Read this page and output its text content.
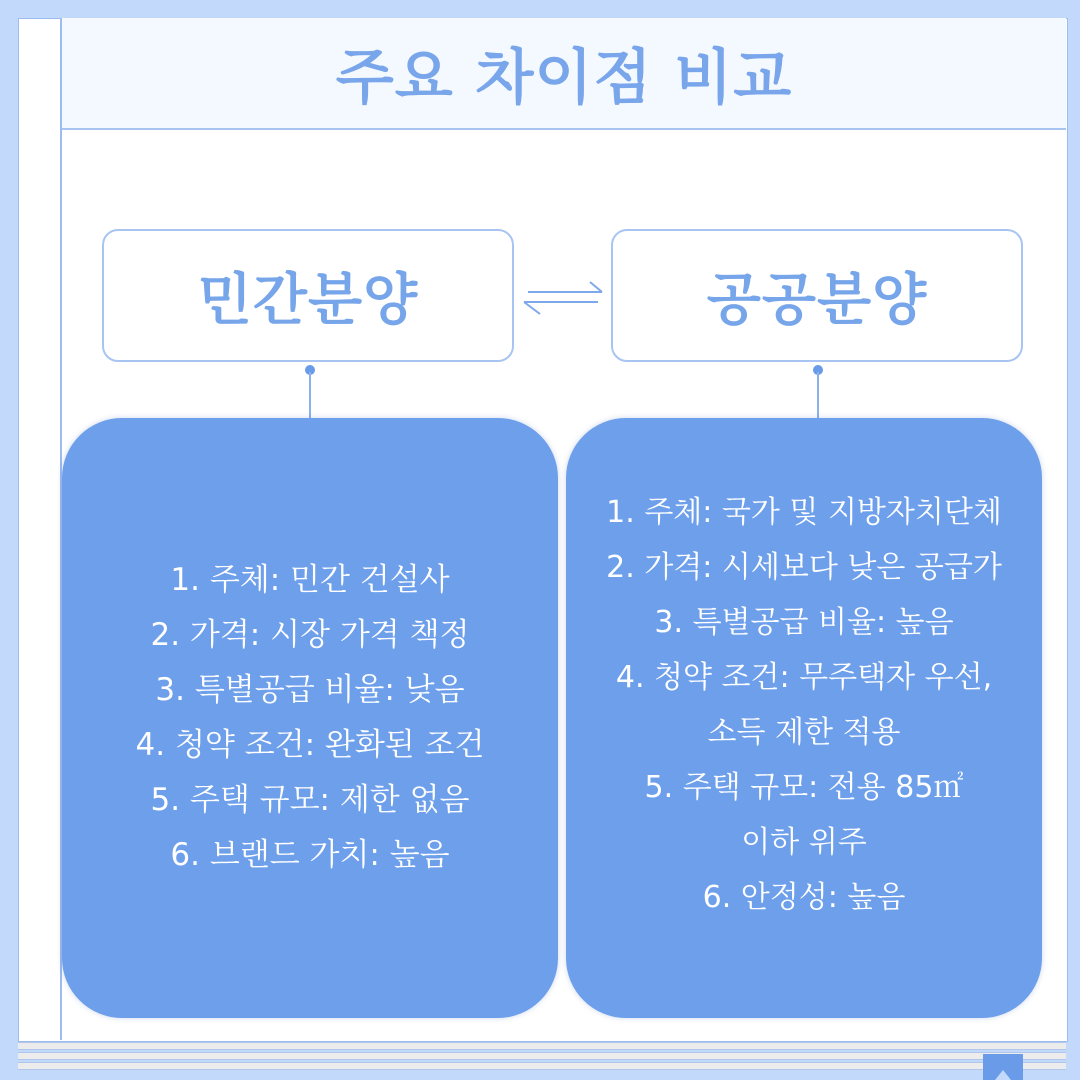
주요 차이점 비교
민간분양	공공분양
1. 주체: 민간 건설사
2. 가격: 시장 가격 책정
3. 특별공급 비율: 낮음
4. 청약 조건: 완화된 조건
5. 주택 규모: 제한 없음
6. 브랜드 가치: 높음
1. 주체: 국가 및 지방자치단체
2. 가격: 시세보다 낮은 공급가
3. 특별공급 비율: 높음
4. 청약 조건: 무주택자 우선,
소득 제한 적용
5. 주택 규모: 전용 85㎡
이하 위주
6. 안정성: 높음
